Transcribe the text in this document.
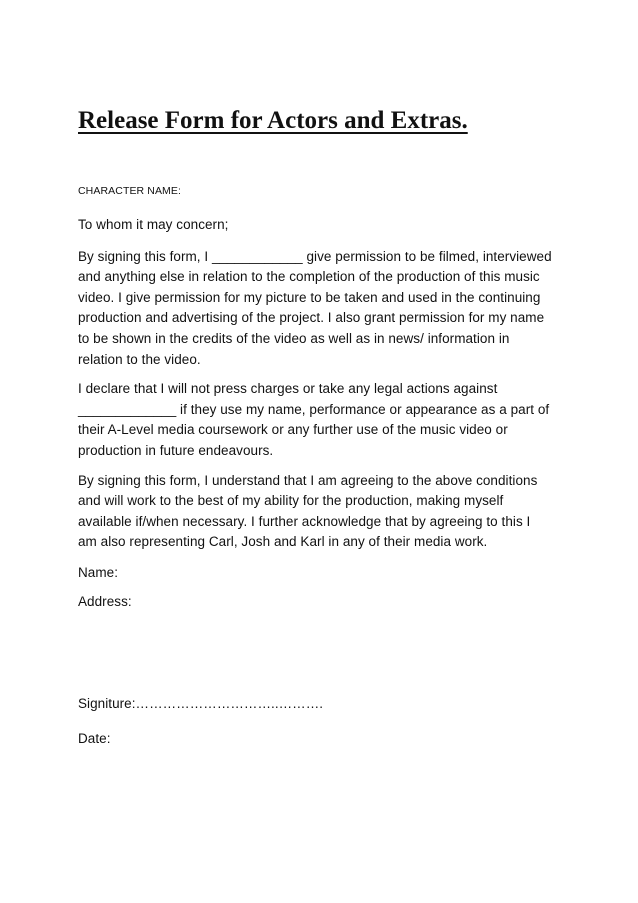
Release Form for Actors and Extras.
CHARACTER NAME:

To whom it may concern;

By signing this form, I ____________ give permission to be filmed, interviewed
and anything else in relation to the completion of the production of this music
video. I give permission for my picture to be taken and used in the continuing
production and advertising of the project. I also grant permission for my name
to be shown in the credits of the video as well as in news/ information in
relation to the video.

I declare that I will not press charges or take any legal actions against
_____________ if they use my name, performance or appearance as a part of
their A-Level media coursework or any further use of the music video or
production in future endeavours.

By signing this form, I understand that I am agreeing to the above conditions
and will work to the best of my ability for the production, making myself
available if/when necessary. I further acknowledge that by agreeing to this I
am also representing Carl, Josh and Karl in any of their media work.

Name:

Address:

Signiture:…………………………..……….

Date:
